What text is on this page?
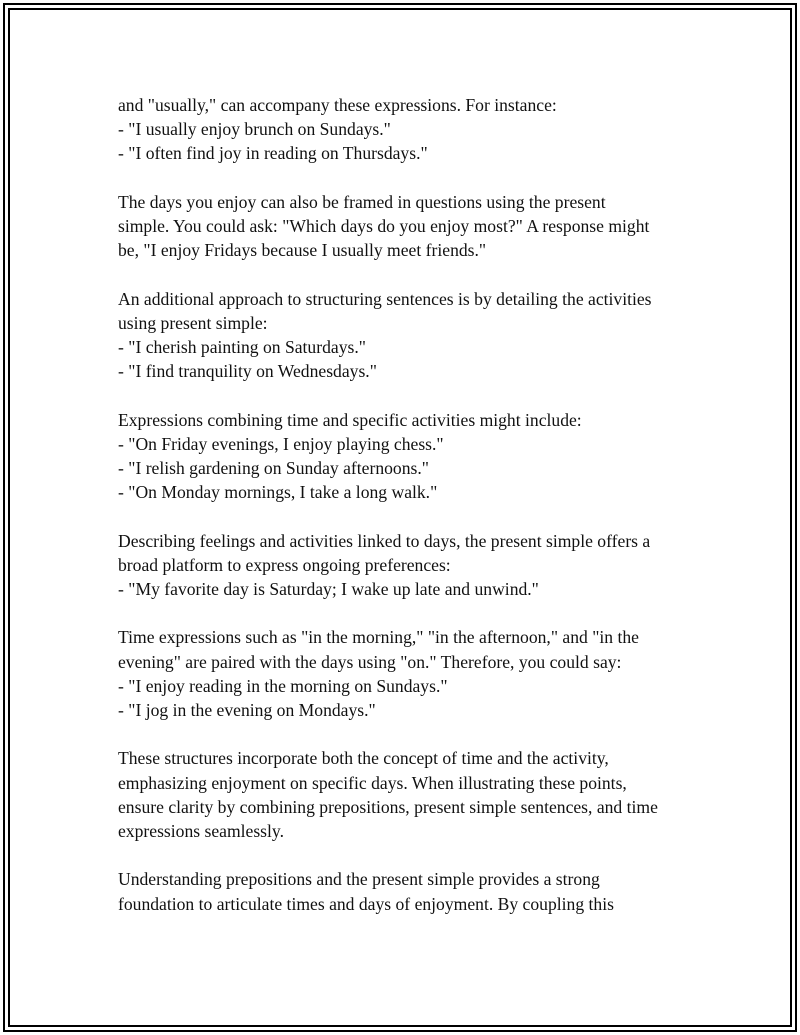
and "usually," can accompany these expressions. For instance:
- "I usually enjoy brunch on Sundays."
- "I often find joy in reading on Thursdays."

The days you enjoy can also be framed in questions using the present
simple. You could ask: "Which days do you enjoy most?" A response might
be, "I enjoy Fridays because I usually meet friends."

An additional approach to structuring sentences is by detailing the activities
using present simple:
- "I cherish painting on Saturdays."
- "I find tranquility on Wednesdays."

Expressions combining time and specific activities might include:
- "On Friday evenings, I enjoy playing chess."
- "I relish gardening on Sunday afternoons."
- "On Monday mornings, I take a long walk."

Describing feelings and activities linked to days, the present simple offers a
broad platform to express ongoing preferences:
- "My favorite day is Saturday; I wake up late and unwind."

Time expressions such as "in the morning," "in the afternoon," and "in the
evening" are paired with the days using "on." Therefore, you could say:
- "I enjoy reading in the morning on Sundays."
- "I jog in the evening on Mondays."

These structures incorporate both the concept of time and the activity,
emphasizing enjoyment on specific days. When illustrating these points,
ensure clarity by combining prepositions, present simple sentences, and time
expressions seamlessly.

Understanding prepositions and the present simple provides a strong
foundation to articulate times and days of enjoyment. By coupling this
